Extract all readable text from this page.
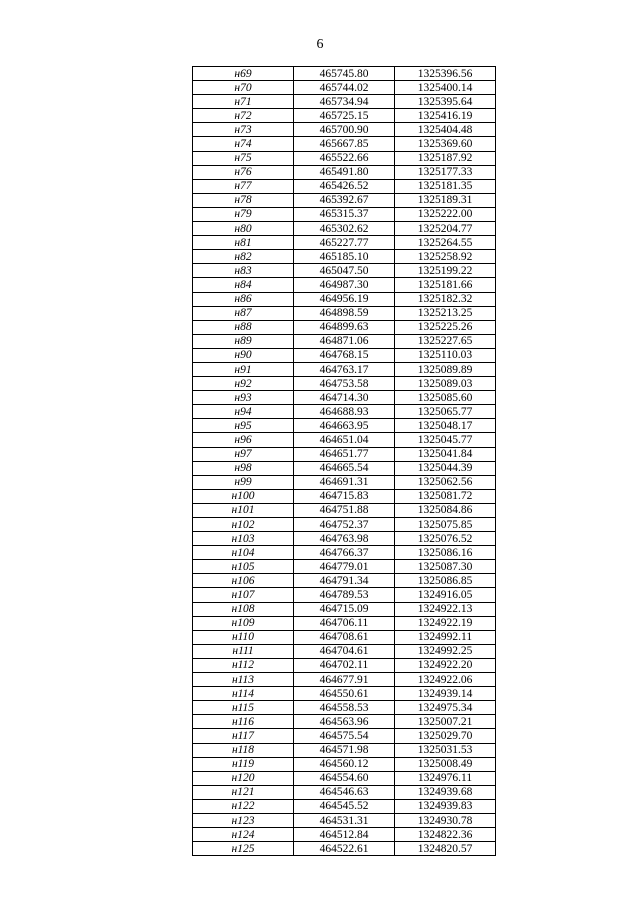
6
н69	465745.80	1325396.56
н70	465744.02	1325400.14
н71	465734.94	1325395.64
н72	465725.15	1325416.19
н73	465700.90	1325404.48
н74	465667.85	1325369.60
н75	465522.66	1325187.92
н76	465491.80	1325177.33
н77	465426.52	1325181.35
н78	465392.67	1325189.31
н79	465315.37	1325222.00
н80	465302.62	1325204.77
н81	465227.77	1325264.55
н82	465185.10	1325258.92
н83	465047.50	1325199.22
н84	464987.30	1325181.66
н86	464956.19	1325182.32
н87	464898.59	1325213.25
н88	464899.63	1325225.26
н89	464871.06	1325227.65
н90	464768.15	1325110.03
н91	464763.17	1325089.89
н92	464753.58	1325089.03
н93	464714.30	1325085.60
н94	464688.93	1325065.77
н95	464663.95	1325048.17
н96	464651.04	1325045.77
н97	464651.77	1325041.84
н98	464665.54	1325044.39
н99	464691.31	1325062.56
н100	464715.83	1325081.72
н101	464751.88	1325084.86
н102	464752.37	1325075.85
н103	464763.98	1325076.52
н104	464766.37	1325086.16
н105	464779.01	1325087.30
н106	464791.34	1325086.85
н107	464789.53	1324916.05
н108	464715.09	1324922.13
н109	464706.11	1324922.19
н110	464708.61	1324992.11
н111	464704.61	1324992.25
н112	464702.11	1324922.20
н113	464677.91	1324922.06
н114	464550.61	1324939.14
н115	464558.53	1324975.34
н116	464563.96	1325007.21
н117	464575.54	1325029.70
н118	464571.98	1325031.53
н119	464560.12	1325008.49
н120	464554.60	1324976.11
н121	464546.63	1324939.68
н122	464545.52	1324939.83
н123	464531.31	1324930.78
н124	464512.84	1324822.36
н125	464522.61	1324820.57
